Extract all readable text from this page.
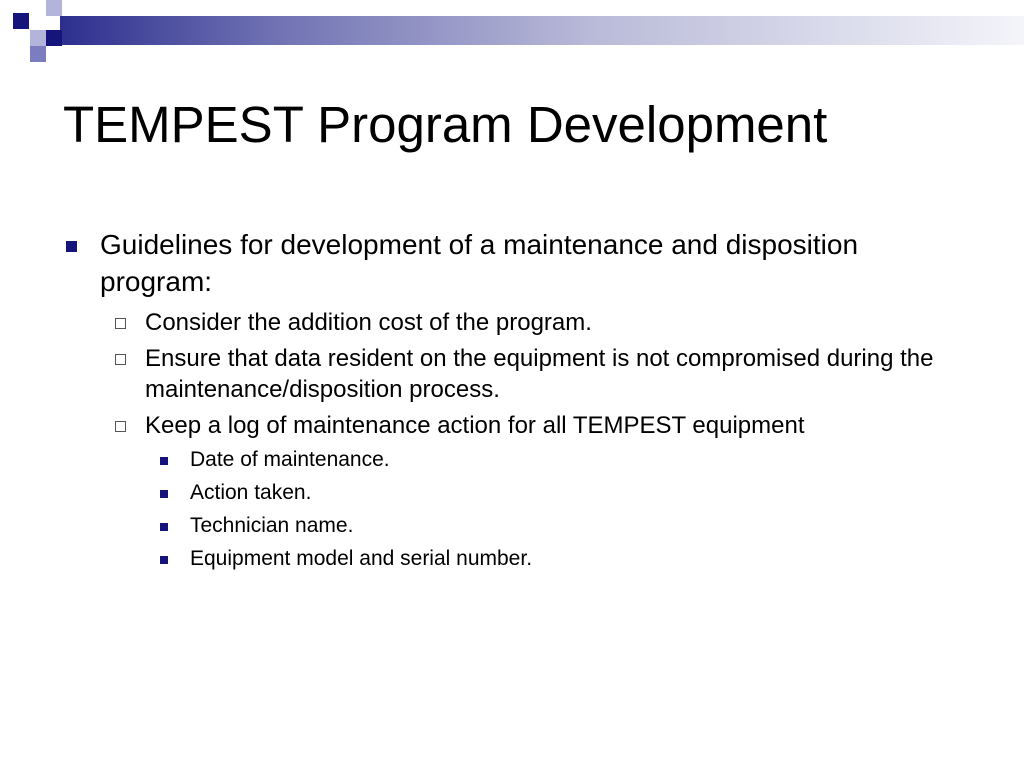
TEMPEST Program Development
Guidelines for development of a maintenance and disposition program:
Consider the addition cost of the program.
Ensure that data resident on the equipment is not compromised during the maintenance/disposition process.
Keep a log of maintenance action for all TEMPEST equipment
Date of maintenance.
Action taken.
Technician name.
Equipment model and serial number.
